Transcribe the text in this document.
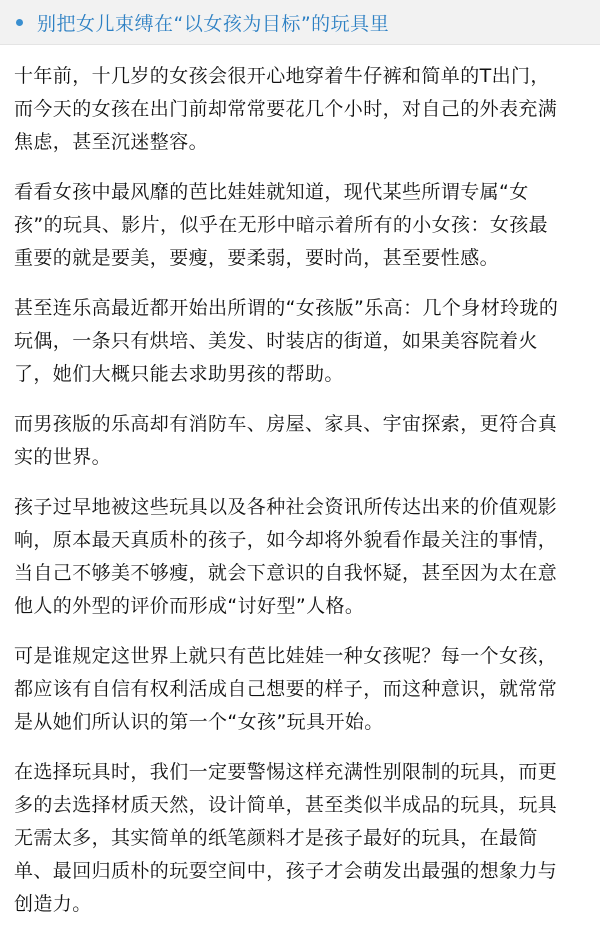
别把女儿束缚在“以女孩为目标”的玩具里

十年前，十几岁的女孩会很开心地穿着牛仔裤和简单的T出门，
而今天的女孩在出门前却常常要花几个小时，对自己的外表充满
焦虑，甚至沉迷整容。

看看女孩中最风靡的芭比娃娃就知道，现代某些所谓专属“女
孩”的玩具、影片，似乎在无形中暗示着所有的小女孩：女孩最
重要的就是要美，要瘦，要柔弱，要时尚，甚至要性感。

甚至连乐高最近都开始出所谓的“女孩版”乐高：几个身材玲珑的
玩偶，一条只有烘培、美发、时装店的街道，如果美容院着火
了，她们大概只能去求助男孩的帮助。

而男孩版的乐高却有消防车、房屋、家具、宇宙探索，更符合真
实的世界。

孩子过早地被这些玩具以及各种社会资讯所传达出来的价值观影
响，原本最天真质朴的孩子，如今却将外貌看作最关注的事情，
当自己不够美不够瘦，就会下意识的自我怀疑，甚至因为太在意
他人的外型的评价而形成“讨好型”人格。

可是谁规定这世界上就只有芭比娃娃一种女孩呢？每一个女孩，
都应该有自信有权利活成自己想要的样子，而这种意识，就常常
是从她们所认识的第一个“女孩”玩具开始。

在选择玩具时，我们一定要警惕这样充满性别限制的玩具，而更
多的去选择材质天然，设计简单，甚至类似半成品的玩具，玩具
无需太多，其实简单的纸笔颜料才是孩子最好的玩具，在最简
单、最回归质朴的玩耍空间中，孩子才会萌发出最强的想象力与
创造力。
